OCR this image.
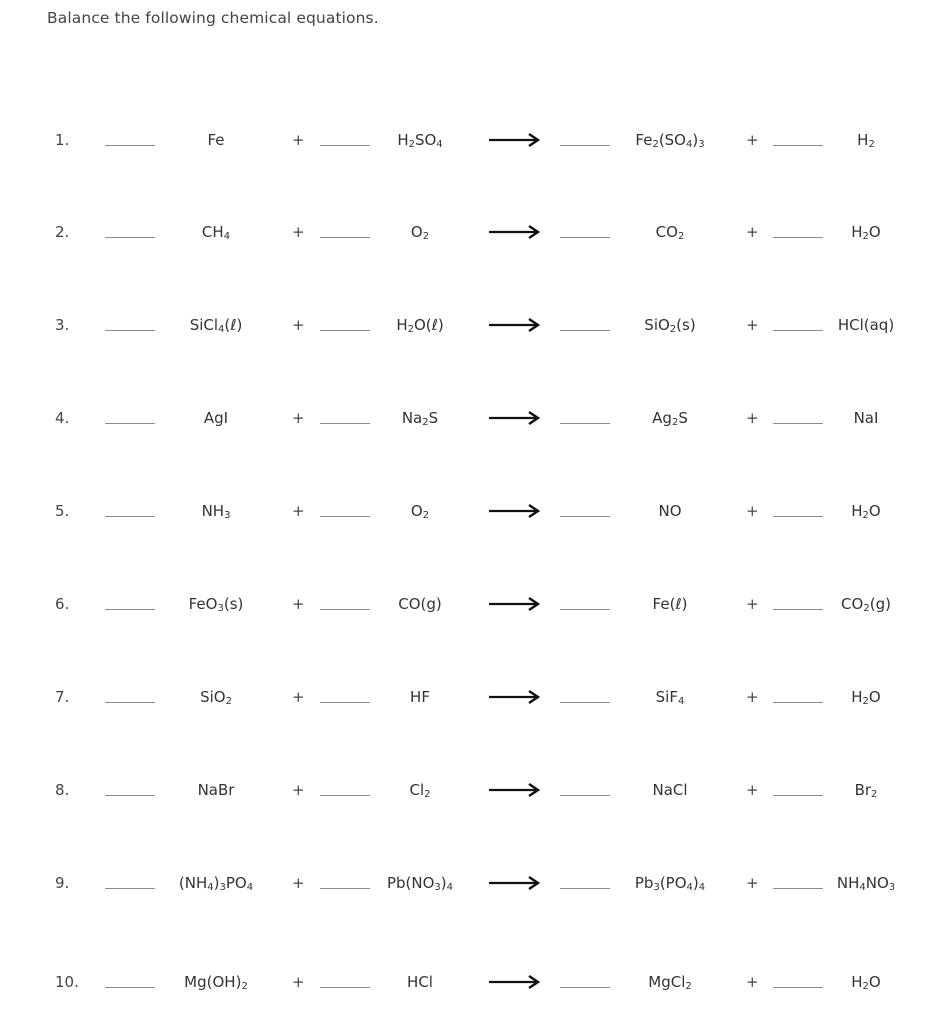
Balance the following chemical equations.
1.	Fe	+	$H_2SO_4$	$Fe_2(SO_4)_3$	+	$H_2$
2.	$CH_4$	+	$O_2$	$CO_2$	+	$H_2O$
3.	SiCl$_4$(ℓ)	+	$H_2O(\ell)$	SiO$_2$(s)	+	HCl(aq)
4.	AgI	+	$Na_2S$	$Ag_2S$	+	NaI
5.	$NH_3$	+	$O_2$	NO	+	$H_2O$
6.	FeO$_3$(s)	+	CO(g)	Fe(ℓ)	+	$CO_2(g)$
7.	SiO$_2$	+	HF	SiF$_4$	+	$H_2O$
8.	NaBr	+	$Cl_2$	NaCl	+	$Br_2$
9.	$(NH_4)_3PO_4$	+	$Pb(NO_3)_4$	$Pb_3(PO_4)_4$	+	$NH_4NO_3$
10.	$Mg(OH)_2$	+	HCl	MgCl$_2$	+	$H_2O$
